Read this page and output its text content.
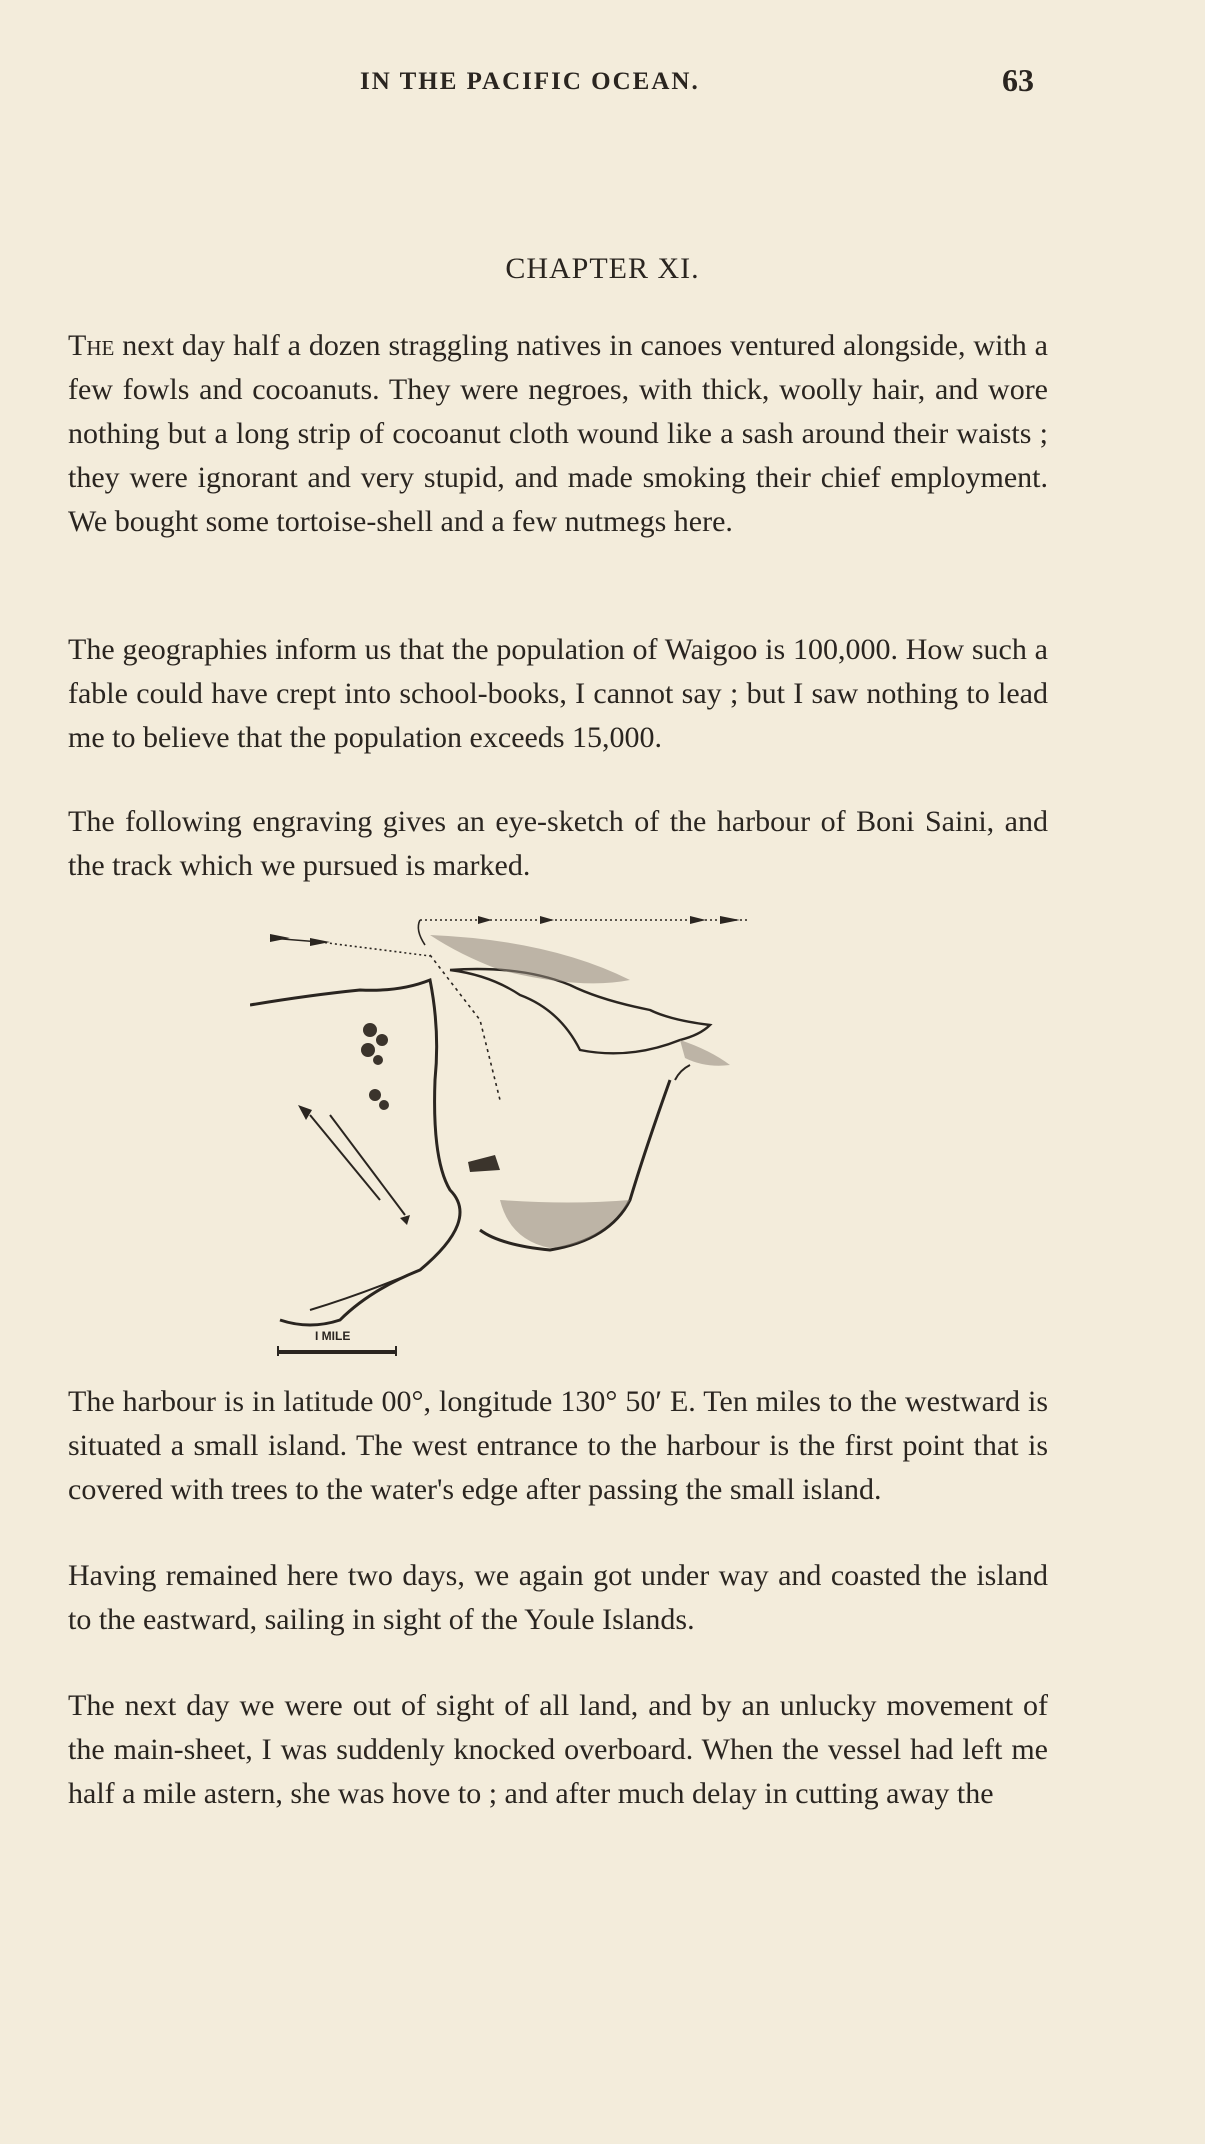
IN THE PACIFIC OCEAN.	63
CHAPTER XI.

The next day half a dozen straggling natives in canoes ventured alongside, with a few fowls and cocoanuts. They were negroes, with thick, woolly hair, and wore nothing but a long strip of cocoanut cloth wound like a sash around their waists ; they were ignorant and very stupid, and made smoking their chief employment. We bought some tortoise-shell and a few nutmegs here.

The geographies inform us that the population of Waigoo is 100,000. How such a fable could have crept into school-books, I cannot say ; but I saw nothing to lead me to believe that the population exceeds 15,000.

The following engraving gives an eye-sketch of the harbour of Boni Saini, and the track which we pursued is marked.

I MILE

The harbour is in latitude 00°, longitude 130° 50′ E. Ten miles to the westward is situated a small island. The west entrance to the harbour is the first point that is covered with trees to the water's edge after passing the small island.

Having remained here two days, we again got under way and coasted the island to the eastward, sailing in sight of the Youle Islands.

The next day we were out of sight of all land, and by an unlucky movement of the main-sheet, I was suddenly knocked overboard. When the vessel had left me half a mile astern, she was hove to ; and after much delay in cutting away the
